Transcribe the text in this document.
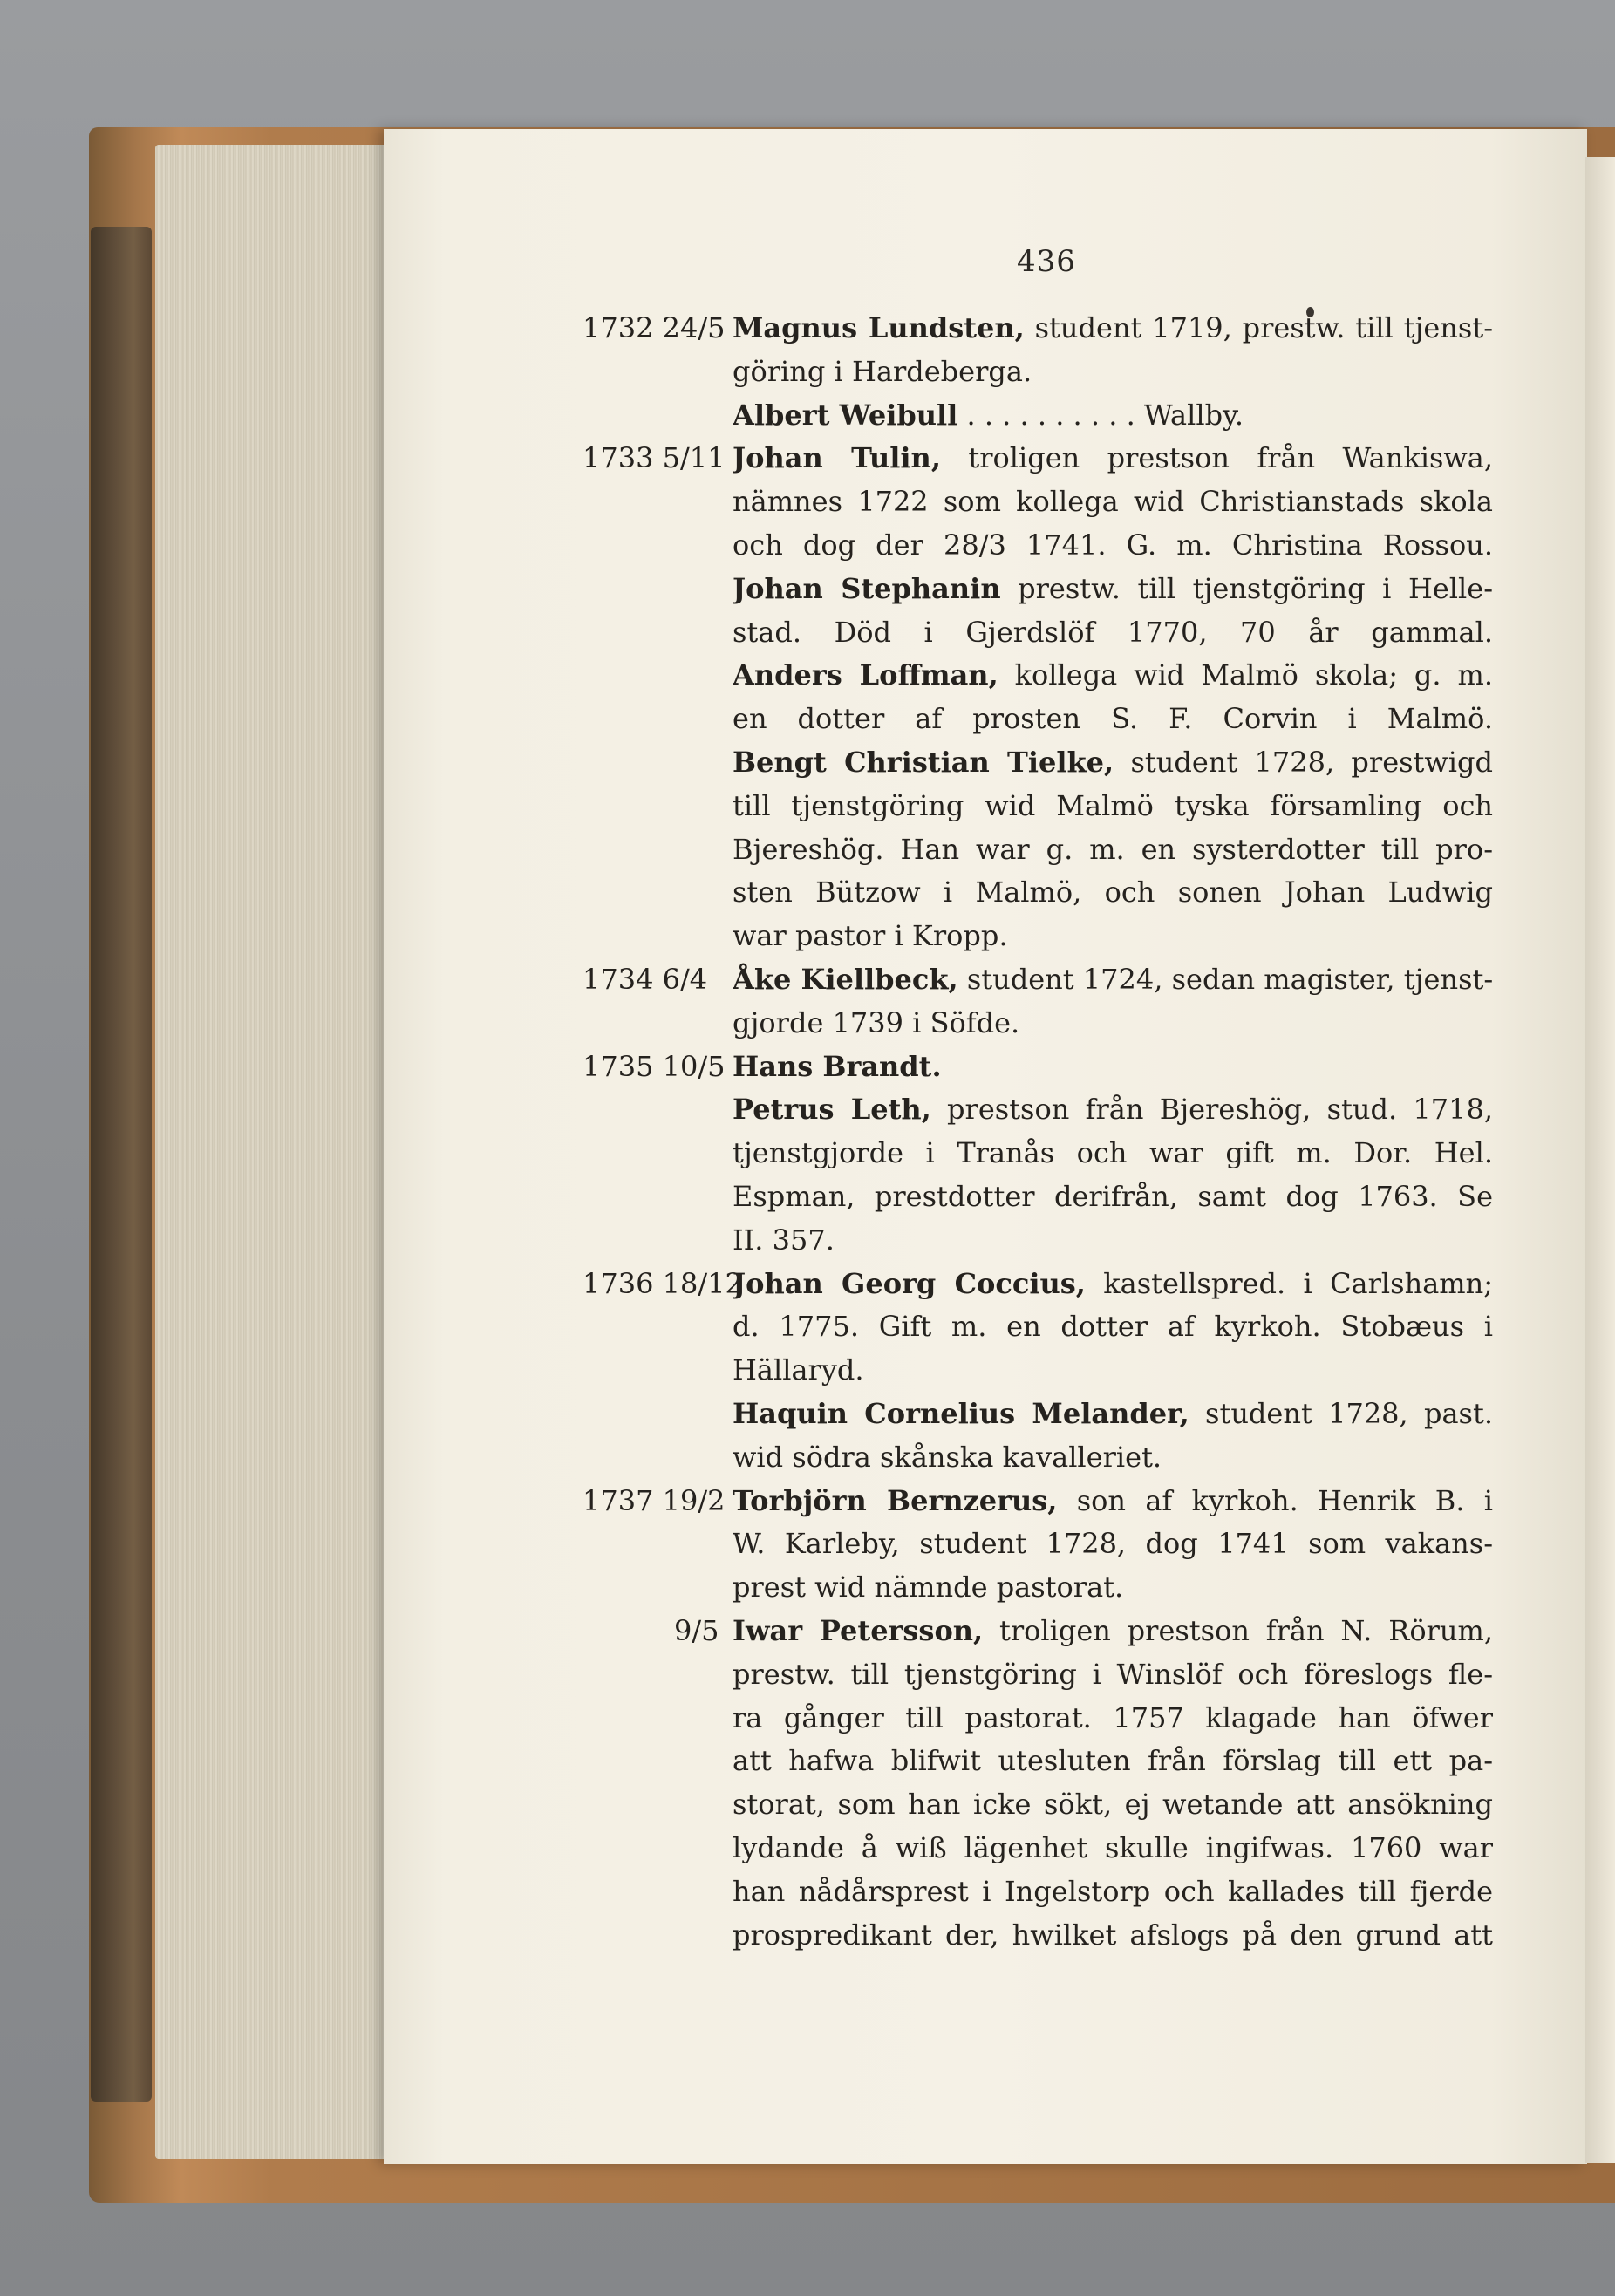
436
1732 24/5 Magnus Lundsten, student 1719, prestw. till tjenst-
göring i Hardeberga.
Albert Weibull . . . . . . . . . . Wallby.
1733 5/11 Johan Tulin, troligen prestson från Wankiswa,
nämnes 1722 som kollega wid Christianstads skola
och dog der 28/3 1741. G. m. Christina Rossou.
Johan Stephanin prestw. till tjenstgöring i Helle-
stad. Död i Gjerdslöf 1770, 70 år gammal.
Anders Loffman, kollega wid Malmö skola; g. m.
en dotter af prosten S. F. Corvin i Malmö.
Bengt Christian Tielke, student 1728, prestwigd
till tjenstgöring wid Malmö tyska församling och
Bjereshög. Han war g. m. en systerdotter till pro-
sten Bützow i Malmö, och sonen Johan Ludwig
war pastor i Kropp.
1734 6/4 Åke Kiellbeck, student 1724, sedan magister, tjenst-
gjorde 1739 i Söfde.
1735 10/5 Hans Brandt.
Petrus Leth, prestson från Bjereshög, stud. 1718,
tjenstgjorde i Tranås och war gift m. Dor. Hel.
Espman, prestdotter derifrån, samt dog 1763. Se
II. 357.
1736 18/12
Johan Georg Coccius, kastellspred. i Carlshamn;
d. 1775. Gift m. en dotter af kyrkoh. Stobæus i
Hällaryd.
Haquin Cornelius Melander, student 1728, past.
wid södra skånska kavalleriet.
1737 19/2 Torbjörn Bernzerus, son af kyrkoh. Henrik B. i
W. Karleby, student 1728, dog 1741 som vakans-
prest wid nämnde pastorat.
9/5 Iwar Petersson, troligen prestson från N. Rörum,
prestw. till tjenstgöring i Winslöf och föreslogs fle-
ra gånger till pastorat. 1757 klagade han öfwer
att hafwa blifwit utesluten från förslag till ett pa-
storat, som han icke sökt, ej wetande att ansökning
lydande å wiß lägenhet skulle ingifwas. 1760 war
han nådårsprest i Ingelstorp och kallades till fjerde
prospredikant der, hwilket afslogs på den grund att
